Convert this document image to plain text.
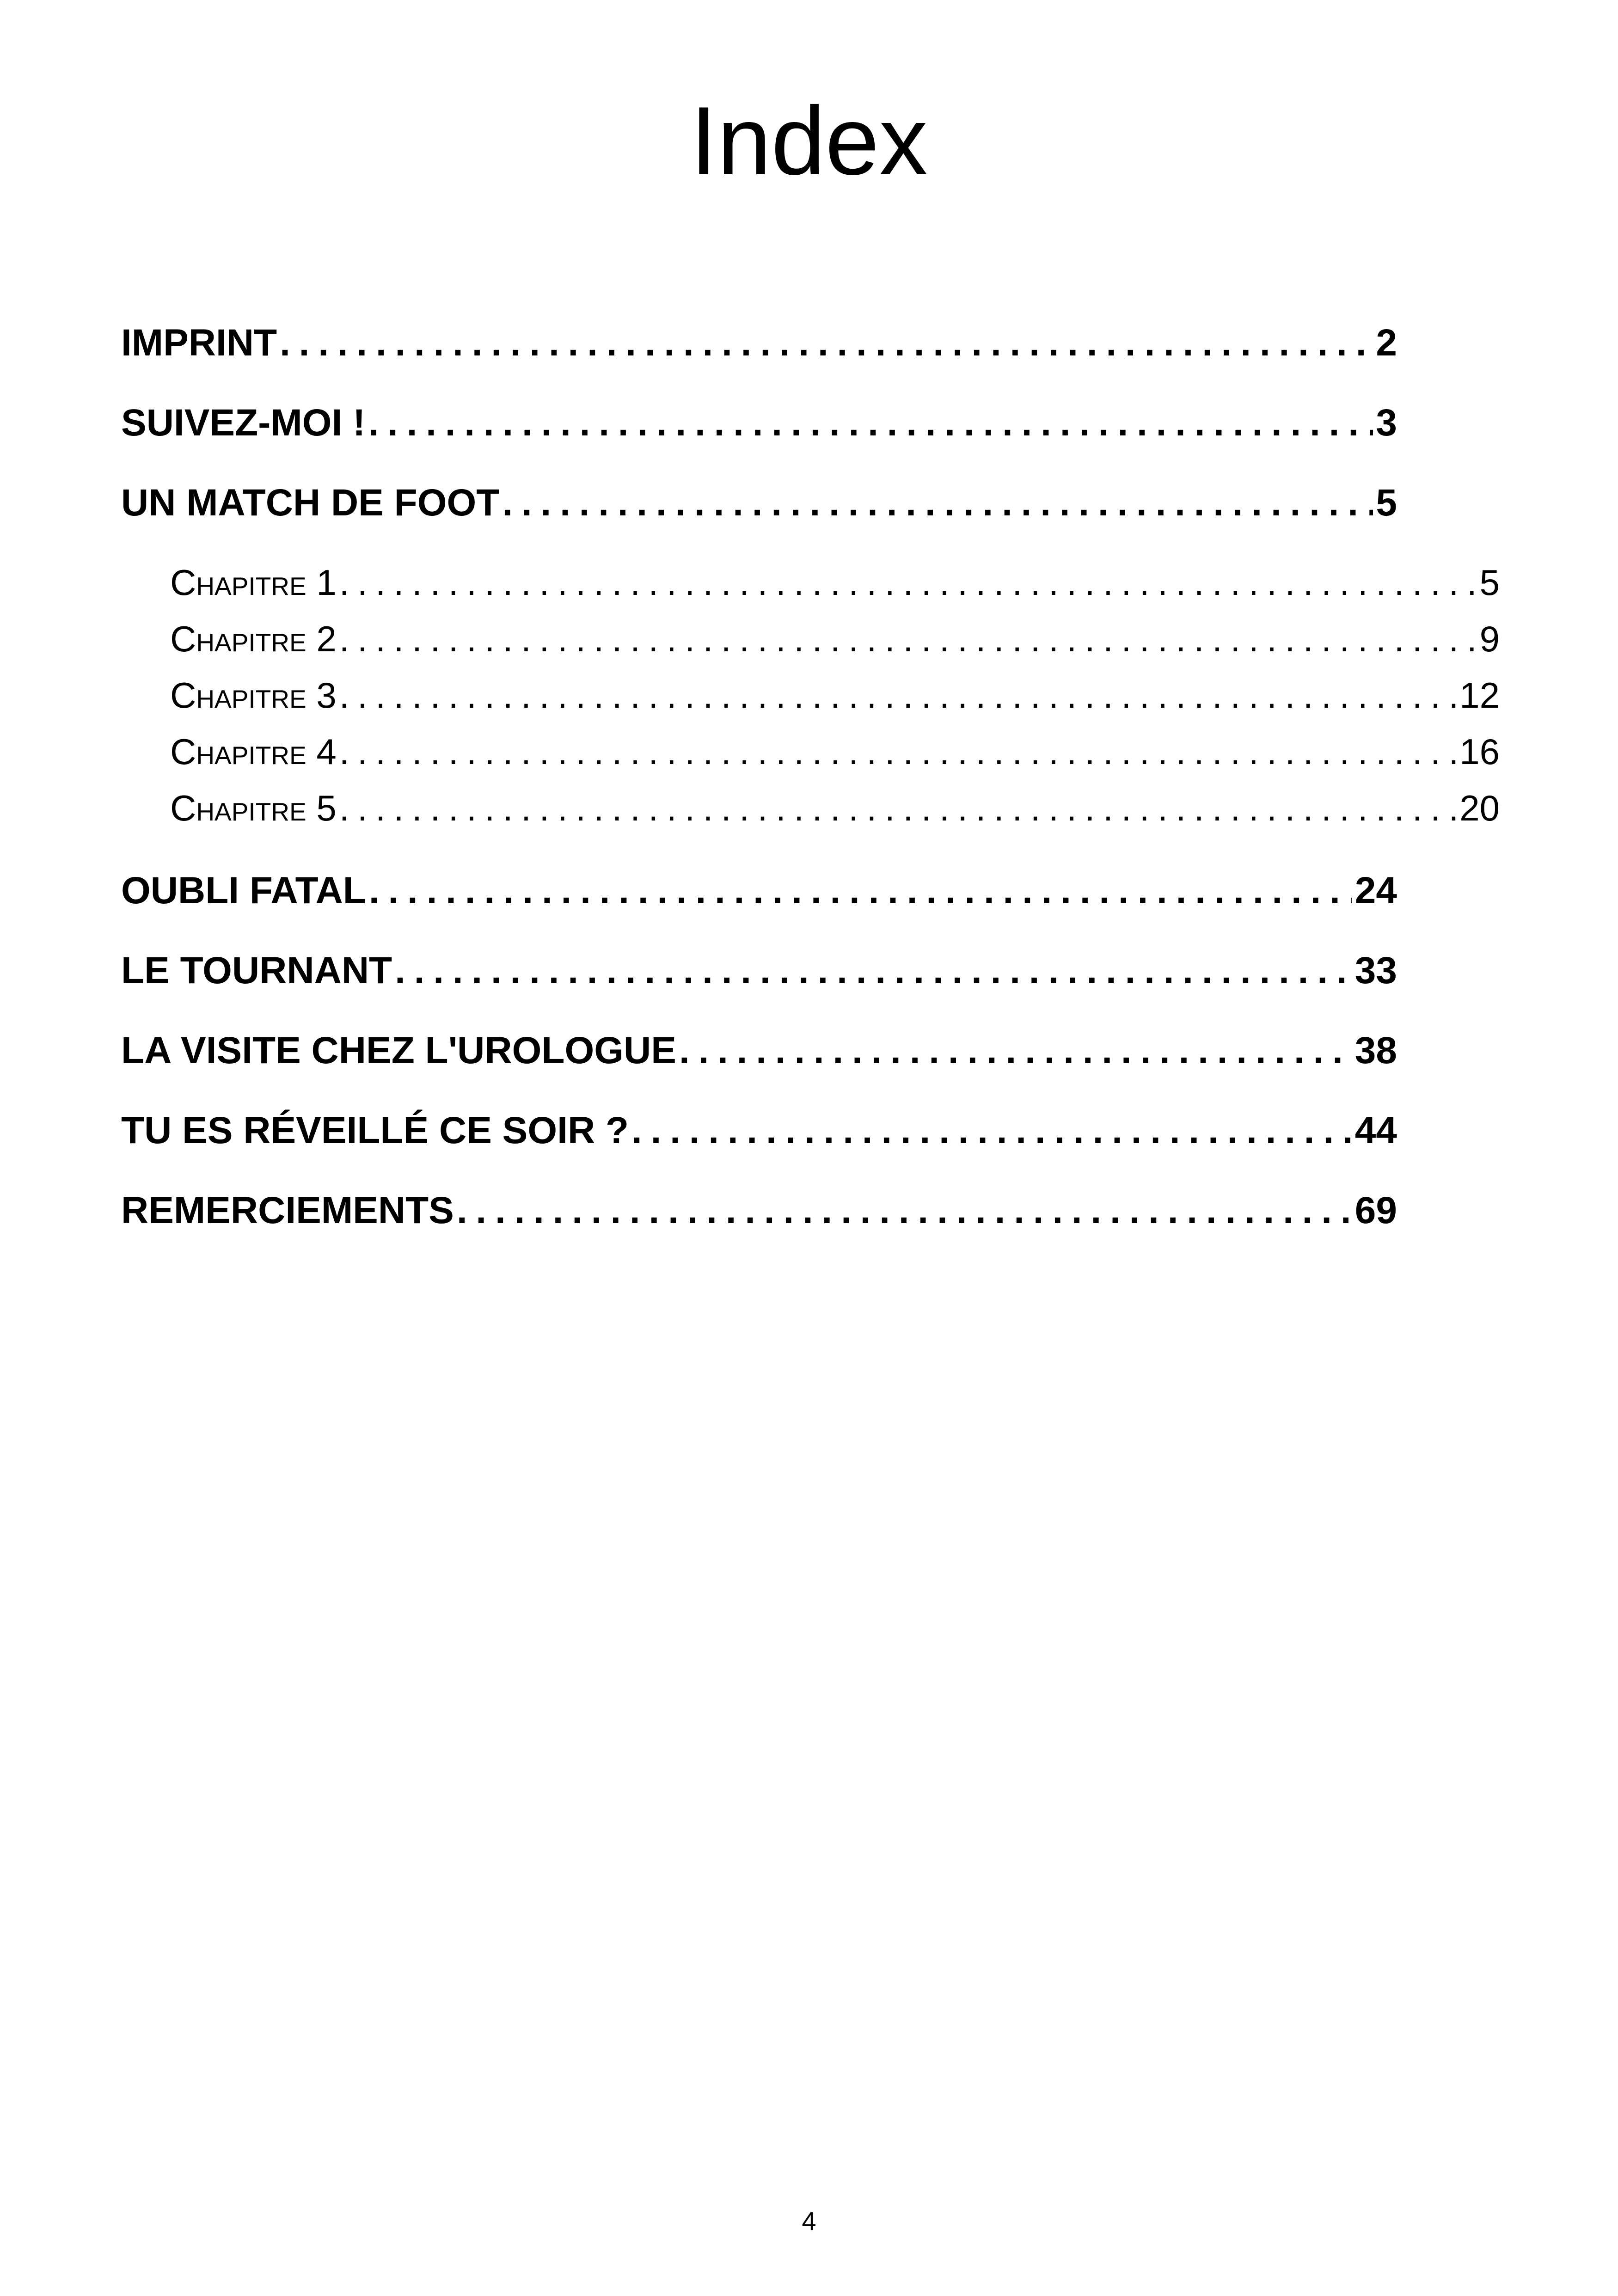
Index
IMPRINT . . .	2
SUIVEZ-MOI ! . . .	3
UN MATCH DE FOOT . . .	5
Chapitre 1 . . .	5
Chapitre 2 . . .	9
Chapitre 3 . . .	12
Chapitre 4 . . .	16
Chapitre 5 . . .	20
OUBLI FATAL . . .	24
LE TOURNANT . . .	33
LA VISITE CHEZ L'UROLOGUE . . .	38
TU ES RÉVEILLÉ CE SOIR ? . . .	44
REMERCIEMENTS . . .	69
4
